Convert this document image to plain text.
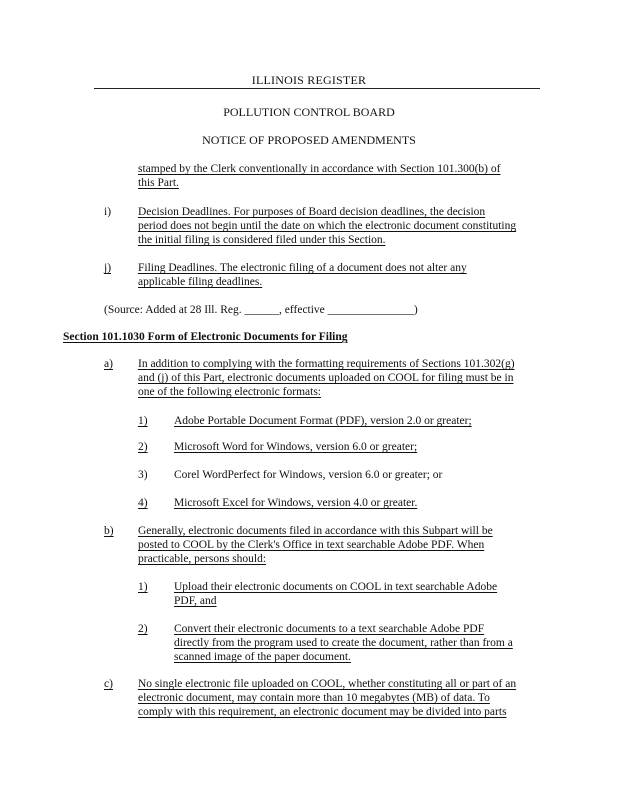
ILLINOIS REGISTER
POLLUTION CONTROL BOARD
NOTICE OF PROPOSED AMENDMENTS
stamped by the Clerk conventionally in accordance with Section 101.300(b) of
this Part.
i) Decision Deadlines. For purposes of Board decision deadlines, the decision
period does not begin until the date on which the electronic document constituting
the initial filing is considered filed under this Section.
j) Filing Deadlines. The electronic filing of a document does not alter any
applicable filing deadlines.
(Source: Added at 28 Ill. Reg. ______, effective _______________)
Section 101.1030 Form of Electronic Documents for Filing
a) In addition to complying with the formatting requirements of Sections 101.302(g)
and (j) of this Part, electronic documents uploaded on COOL for filing must be in
one of the following electronic formats:
1) Adobe Portable Document Format (PDF), version 2.0 or greater;
2) Microsoft Word for Windows, version 6.0 or greater;
3) Corel WordPerfect for Windows, version 6.0 or greater; or
4) Microsoft Excel for Windows, version 4.0 or greater.
b) Generally, electronic documents filed in accordance with this Subpart will be
posted to COOL by the Clerk's Office in text searchable Adobe PDF. When
practicable, persons should:
1) Upload their electronic documents on COOL in text searchable Adobe
PDF, and
2) Convert their electronic documents to a text searchable Adobe PDF
directly from the program used to create the document, rather than from a
scanned image of the paper document.
c) No single electronic file uploaded on COOL, whether constituting all or part of an
electronic document, may contain more than 10 megabytes (MB) of data. To
comply with this requirement, an electronic document may be divided into parts
